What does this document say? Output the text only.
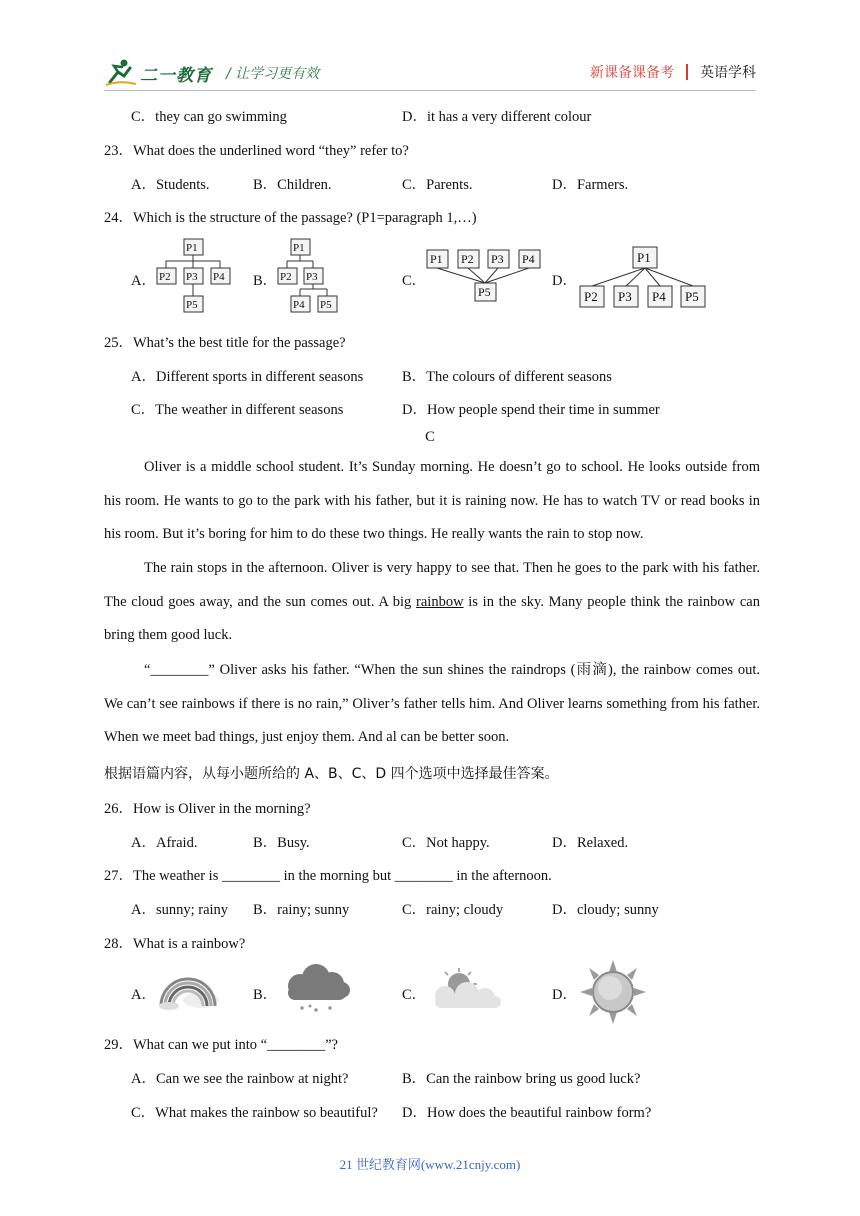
二一教育 / 让学习更有效	新课备课备考 英语学科
C．they can go swimming	D．it has a very different colour
23．What does the underlined word “they” refer to?
A．Students.	B．Children.	C．Parents.	D．Farmers.
24．Which is the structure of the passage? (P1=paragraph 1,…)
A．	B．	C．	D．
P1
P2 P3 P4
P5
P1
P2 P3
P4 P5
P1 P2 P3 P4
P5
P1
P2 P3 P4 P5
25．What’s the best title for the passage?
A．Different sports in different seasons	B．The colours of different seasons
C．The weather in different seasons	D．How people spend their time in summer
C
Oliver is a middle school student. It’s Sunday morning. He doesn’t go to school. He looks outside from his room. He wants to go to the park with his father, but it is raining now. He has to watch TV or read books in his room. But it’s boring for him to do these two things. He really wants the rain to stop now.
The rain stops in the afternoon. Oliver is very happy to see that. Then he goes to the park with his father. The cloud goes away, and the sun comes out. A big rainbow is in the sky. Many people think the rainbow can bring them good luck.
“________” Oliver asks his father. “When the sun shines the raindrops (雨滴), the rainbow comes out. We can’t see rainbows if there is no rain,” Oliver’s father tells him. And Oliver learns something from his father. When we meet bad things, just enjoy them. And al can be better soon.
根据语篇内容，从每小题所给的 A、B、C、D 四个选项中选择最佳答案。
26．How is Oliver in the morning?
A．Afraid.	B．Busy.	C．Not happy.	D．Relaxed.
27．The weather is ________ in the morning but ________ in the afternoon.
A．sunny; rainy B．rainy; sunny	C．rainy; cloudy	D．cloudy; sunny
28．What is a rainbow?
A．	B．	C．	D．
29．What can we put into “________”?
A．Can we see the rainbow at night?	B．Can the rainbow bring us good luck?
C．What makes the rainbow so beautiful? D．How does the beautiful rainbow form?
21 世纪教育网(www.21cnjy.com)
